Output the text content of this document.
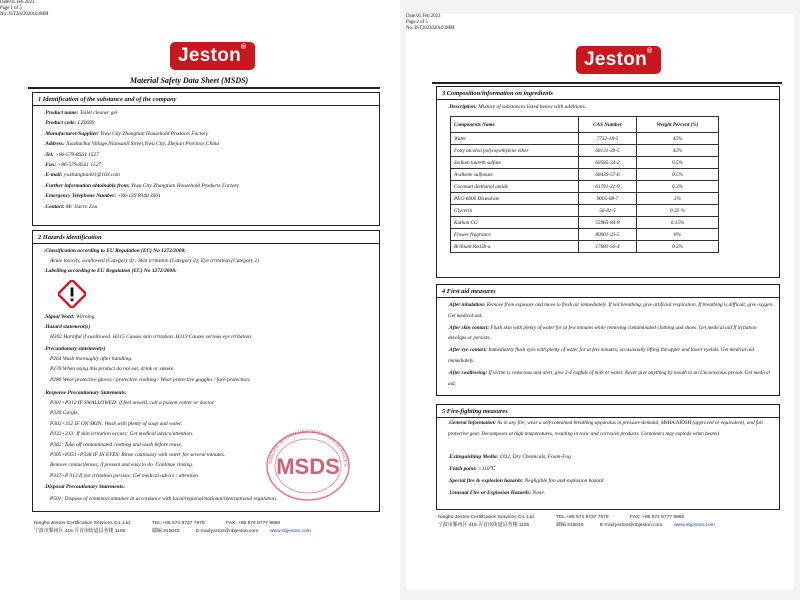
Jeston®
Date:01.Feb.2023
Page 1 of 5
No.:JST2023020103MM
Material Safety Data Sheet (MSDS)
1 Identification of the substance and of the company
.Product name: Toilet cleaner gel
.Product code: LZ0689
.Manufacturer/Supplier: Yiwu City Zhangtian Household Products Factory
.Address: Xiazhuchai Village,Niansanli Street,Yiwu City, Zhejian Province,China
.Tel: +86-579-8561 1527
.Fax: +86-579-8561 1527
.E-mail: ywzhangtian01@163.com
.Further information obtainable from: Yiwu City Zhangtian Household Products Factory
.Emergency Telephone Number: +86-139 8940 3561
.Contact: Mr Jiacro Zou
2 Hazards identification
.Classification according to EU Regulation (EC) No 1272/2008:
Acute toxicity, swallowed (Category 4) ; Skin irritation (Category 2); Eye irritation (Category 2)
.Labelling according to EU Regulation (EC) No 1272/2008:
.Signal Word: Warning
.Hazard statement(s)
H302 Harmful if swallowed. H315 Causes skin irritation. H319 Causes serious eye irritation.
.Precautionary statement(s)
P264 Wash thoroughly after handling.
P270 When using this product do not eat, drink or smoke.
P280 Wear protective gloves / protective clothing / Wear protective goggles / face protection.
.Response Precautionary Statements:
P301+P312 IF SWALLOWED: if feel unwell, call a poison center or doctor.
P330 Gargle.
P302+352 IF ON SKIN: Wash with plenty of soap and water.
P332+313: If skin irritation occurs: Get medical advice/attention.
P362: Take off contaminated clothing and wash before reuse.
P305+P351+P338 IF IN EYES: Rinse cautiously with water for several minutes.
Remove contactlenses, if present and easy to do. Continue rinsing.
P337+P 313 If eye irritation persists: Get medical advice / attention.
.Disposal Precautionary Statements:
P501: Dispose of contents/container in accordance with local/regional/national/international regulation.
NINGBO JESTON CERTIFICATION SERVICES
MSDS
Ningbo Jeston Certification Services Co.,Ltd.	TEL:+86 574 8737 7879	FAX: +86 574 8777 9860
宁波市鄞州区 416 弄首南街道县务楼 1105	邮编:315040	E-mail:jeston@nbjeston.com www.nbjeston.com
Jeston®
Date:01.Feb.2023
Page 2 of 5
No.:JST2023020103MM
3 Composition/information on ingredients
.Description: Mixture of substances listed below with additions.
Components Name	CAS Number	Weight Percent (%)
Water	7732-18-5	45%
Fatty alcohol polyoxyethylene ether	68131-39-5	42%
Sodium laureth sulfate	68585-34-2	0.5%
A-alkene sulfonate	68439-57-6	0.5%
Coconutt diethanol amide	61791-31-9	0.3%
PEG-6000 Distearate	9005-08-7	3%
Glycerin	56-81-5	0.35 %
Kathon CG	55965-84-9	0.15%
Flower fragrance	80001-23-5	8%
Brilliant Red3b-a	17681-50-4	0.2%
4 First aid measures
.After inhalation: Remove from exposure and move to fresh air immediately. If not breathing, give artificial respiration. If breathing is difficult, give oxygen. Get medical aid.
.After skin contact: Flush skin with plenty of water for at few minutes while removing contaminated clothing and shoes. Get medical aid If irritation develops or persists.
.After eye contact: Immediately flush eyes with plenty of water for at few minutes, occasionally lifting the upper and lower eyelids. Get medical aid immediately.
.After swallowing: If victim is conscious and alert, give 2-4 cupfuls of milk or water. Never give anything by mouth to an Unconscious person. Get medical aid.
5 Fire-fighting measures
.General Information: As in any fire, wear a self-contained breathing apparatus in pressure-demand, MSHA/NIOSH (approved or equivalent), and full protective gear. Decomposes at high temperatures, resulting in toxic and corrosive products. Containers may explode when heated.
.Extinguishing Media: CO2, Dry Chemicals, Foam-Fog
.Flash point: >110℃
.Special fire & explosion hazards: Negligible fire and explosion hazard.
.Unusual Fire or Explosion Hazards: None.
Ningbo Jeston Certification Services Co.,Ltd.	TEL:+86 574 8737 7879	FAX: +86 574 8777 9860
宁波市鄞州区 416 弄首南街道县务楼 1105	邮编:315040	E-mail:jeston@nbjeston.com www.nbjeston.com
